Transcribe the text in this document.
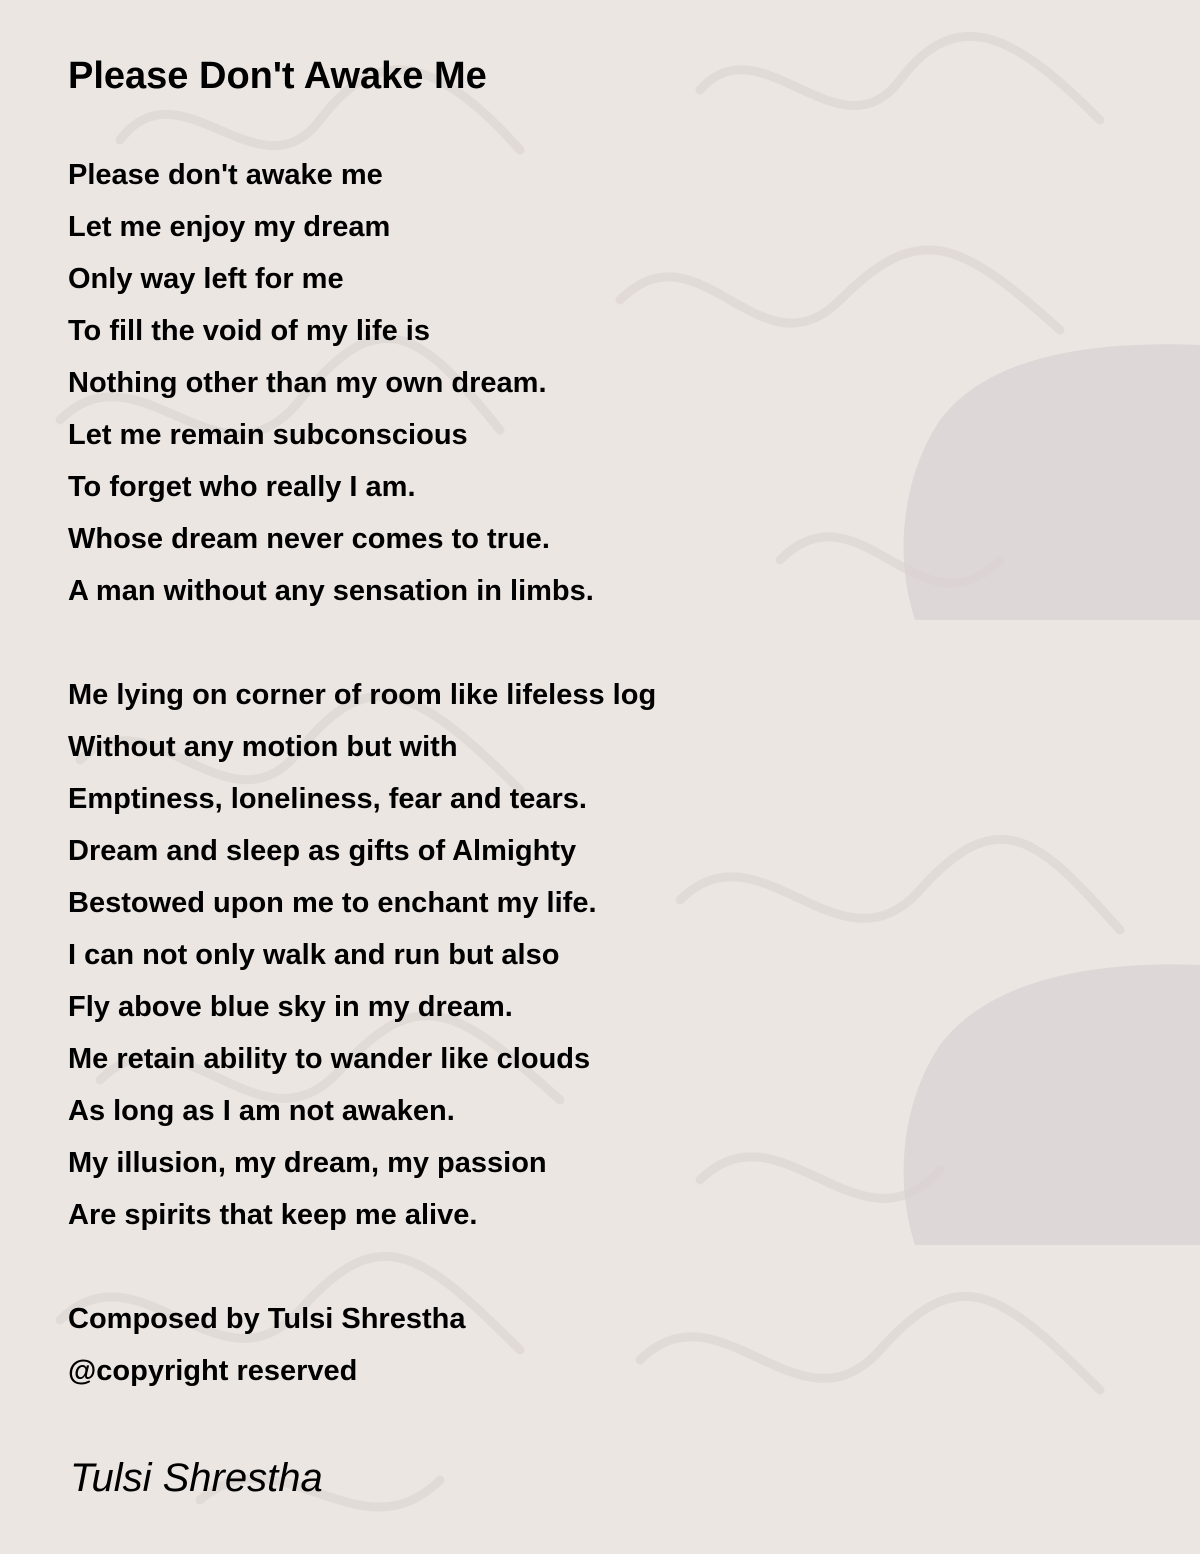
Please Don't Awake Me
Please don't awake me
Let me enjoy my dream
Only way left for me
To fill the void of my life is
Nothing other than my own dream.
Let me remain subconscious
To forget who really I am.
Whose dream never comes to true.
A man without any sensation in limbs.
Me lying on corner of room like lifeless log
Without any motion but with
Emptiness, loneliness, fear and tears.
Dream and sleep as gifts of Almighty
Bestowed upon me to enchant my life.
I can not only walk and run but also
Fly above blue sky in my dream.
Me retain ability to wander like clouds
As long as I am not awaken.
My illusion, my dream, my passion
Are spirits that keep me alive.
Composed by Tulsi Shrestha
@copyright reserved
Tulsi Shrestha
